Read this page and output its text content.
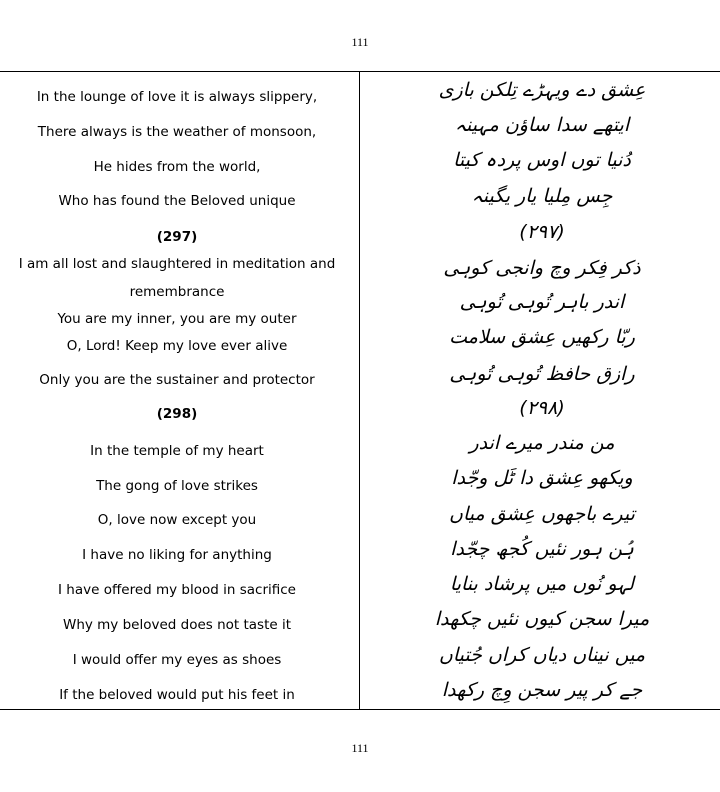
111
In the lounge of love it is always slippery,
There always is the weather of monsoon,
He hides from the world,
Who has found the Beloved unique
(297)
I am all lost and slaughtered in meditation and remembrance
You are my inner, you are my outer
O, Lord! Keep my love ever alive
Only you are the sustainer and protector
(298)
In the temple of my heart
The gong of love strikes
O, love now except you
I have no liking for anything
I have offered my blood in sacrifice
Why my beloved does not taste it
I would offer my eyes as shoes
If the beloved would put his feet in
عِشق دے ویہڑے تِلکن بازی
ایتھے سدا ساؤن مہینہ
دُنیا توں اوس پردہ کیتا
جِس مِلیا یار یگینہ
(۲۹۷)
ذکر فِکر وچ وانجی کوہی
اندر باہر تُوہی تُوہی
ربّا رکھیں عِشق سلامت
رازق حافظ تُوہی تُوہی
(۲۹۸)
من مندر میرے اندر
ویکھو عِشق دا ٹَل وجّدا
تیرے باجھوں عِشق میاں
ہُن ہور نئیں کُجھ چجّدا
لہو نُوں میں پرشاد بنایا
میرا سجن کیوں نئیں چکھدا
میں نیناں دیاں کراں جُتیاں
جے کر پیر سجن وِچ رکھدا
111
